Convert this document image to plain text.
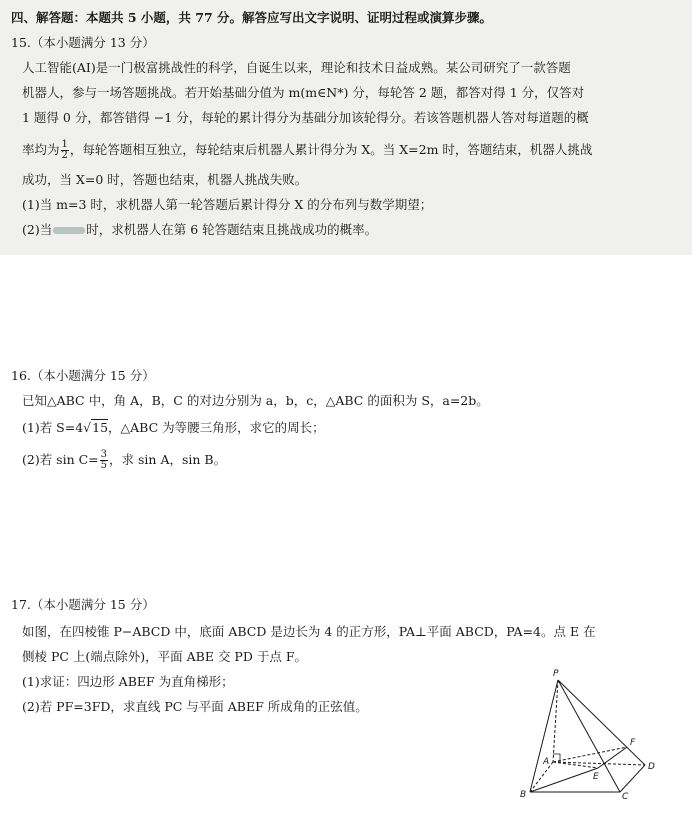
四、解答题：本题共 5 小题，共 77 分。解答应写出文字说明、证明过程或演算步骤。
15.（本小题满分 13 分）
人工智能(AI)是一门极富挑战性的科学，自诞生以来，理论和技术日益成熟。某公司研究了一款答题
机器人，参与一场答题挑战。若开始基础分值为 m(m∈N*) 分，每轮答 2 题，都答对得 1 分，仅答对
1 题得 0 分，都答错得 −1 分，每轮的累计得分为基础分加该轮得分。若该答题机器人答对每道题的概
率均为 $\frac{1}{2}$ ，每轮答题相互独立，每轮结束后机器人累计得分为 X。当 X=2m 时，答题结束，机器人挑战
成功，当 X=0 时，答题也结束，机器人挑战失败。
(1)当 m=3 时，求机器人第一轮答题后累计得分 X 的分布列与数学期望；
(2)当	时，求机器人在第 6 轮答题结束且挑战成功的概率。
16.（本小题满分 15 分）
已知△ABC 中，角 A，B，C 的对边分别为 a，b，c，△ABC 的面积为 S，a=2b。
(1)若 S=4√15，△ABC 为等腰三角形，求它的周长；
(2)若 $\sin C= \frac{3}{5}$ ，求 sin A，sin B。
17.（本小题满分 15 分）
如图，在四棱锥 P−ABCD 中，底面 ABCD 是边长为 4 的正方形，PA⊥平面 ABCD，PA=4。点 E 在
侧棱 PC 上(端点除外)，平面 ABE 交 PD 于点 F。
(1)求证：四边形 ABEF 为直角梯形；
(2)若 PF=3FD，求直线 PC 与平面 ABEF 所成角的正弦值。
P
A
B	C
D
E
F
